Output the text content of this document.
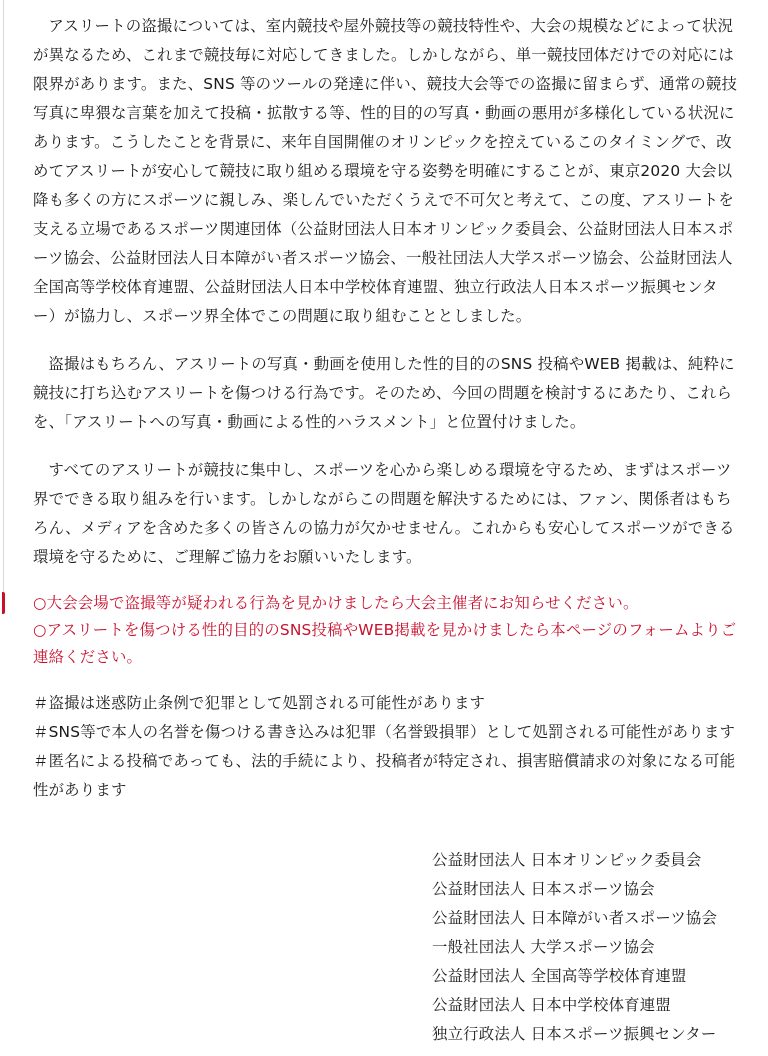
アスリートの盗撮については、室内競技や屋外競技等の競技特性や、大会の規模などによって状況が異なるため、これまで競技毎に対応してきました。しかしながら、単一競技団体だけでの対応には限界があります。また、SNS 等のツールの発達に伴い、競技大会等での盗撮に留まらず、通常の競技写真に卑猥な言葉を加えて投稿・拡散する等、性的目的の写真・動画の悪用が多様化している状況にあります。こうしたことを背景に、来年自国開催のオリンピックを控えているこのタイミングで、改めてアスリートが安心して競技に取り組める環境を守る姿勢を明確にすることが、東京2020 大会以降も多くの方にスポーツに親しみ、楽しんでいただくうえで不可欠と考えて、この度、アスリートを支える立場であるスポーツ関連団体（公益財団法人日本オリンピック委員会、公益財団法人日本スポーツ協会、公益財団法人日本障がい者スポーツ協会、一般社団法人大学スポーツ協会、公益財団法人全国高等学校体育連盟、公益財団法人日本中学校体育連盟、独立行政法人日本スポーツ振興センター）が協力し、スポーツ界全体でこの問題に取り組むこととしました。

盗撮はもちろん、アスリートの写真・動画を使用した性的目的のSNS 投稿やWEB 掲載は、純粋に競技に打ち込むアスリートを傷つける行為です。そのため、今回の問題を検討するにあたり、これらを、「アスリートへの写真・動画による性的ハラスメント」と位置付けました。

すべてのアスリートが競技に集中し、スポーツを心から楽しめる環境を守るため、まずはスポーツ界でできる取り組みを行います。しかしながらこの問題を解決するためには、ファン、関係者はもちろん、メディアを含めた多くの皆さんの協力が欠かせません。これからも安心してスポーツができる環境を守るために、ご理解ご協力をお願いいたします。

○大会会場で盗撮等が疑われる行為を見かけましたら大会主催者にお知らせください。

○アスリートを傷つける性的目的のSNS投稿やWEB掲載を見かけましたら本ページのフォームよりご連絡ください。

＃盗撮は迷惑防止条例で犯罪として処罰される可能性があります

＃SNS等で本人の名誉を傷つける書き込みは犯罪（名誉毀損罪）として処罰される可能性があります

＃匿名による投稿であっても、法的手続により、投稿者が特定され、損害賠償請求の対象になる可能性があります

公益財団法人 日本オリンピック委員会

公益財団法人 日本スポーツ協会

公益財団法人 日本障がい者スポーツ協会

一般社団法人 大学スポーツ協会

公益財団法人 全国高等学校体育連盟

公益財団法人 日本中学校体育連盟

独立行政法人 日本スポーツ振興センター
